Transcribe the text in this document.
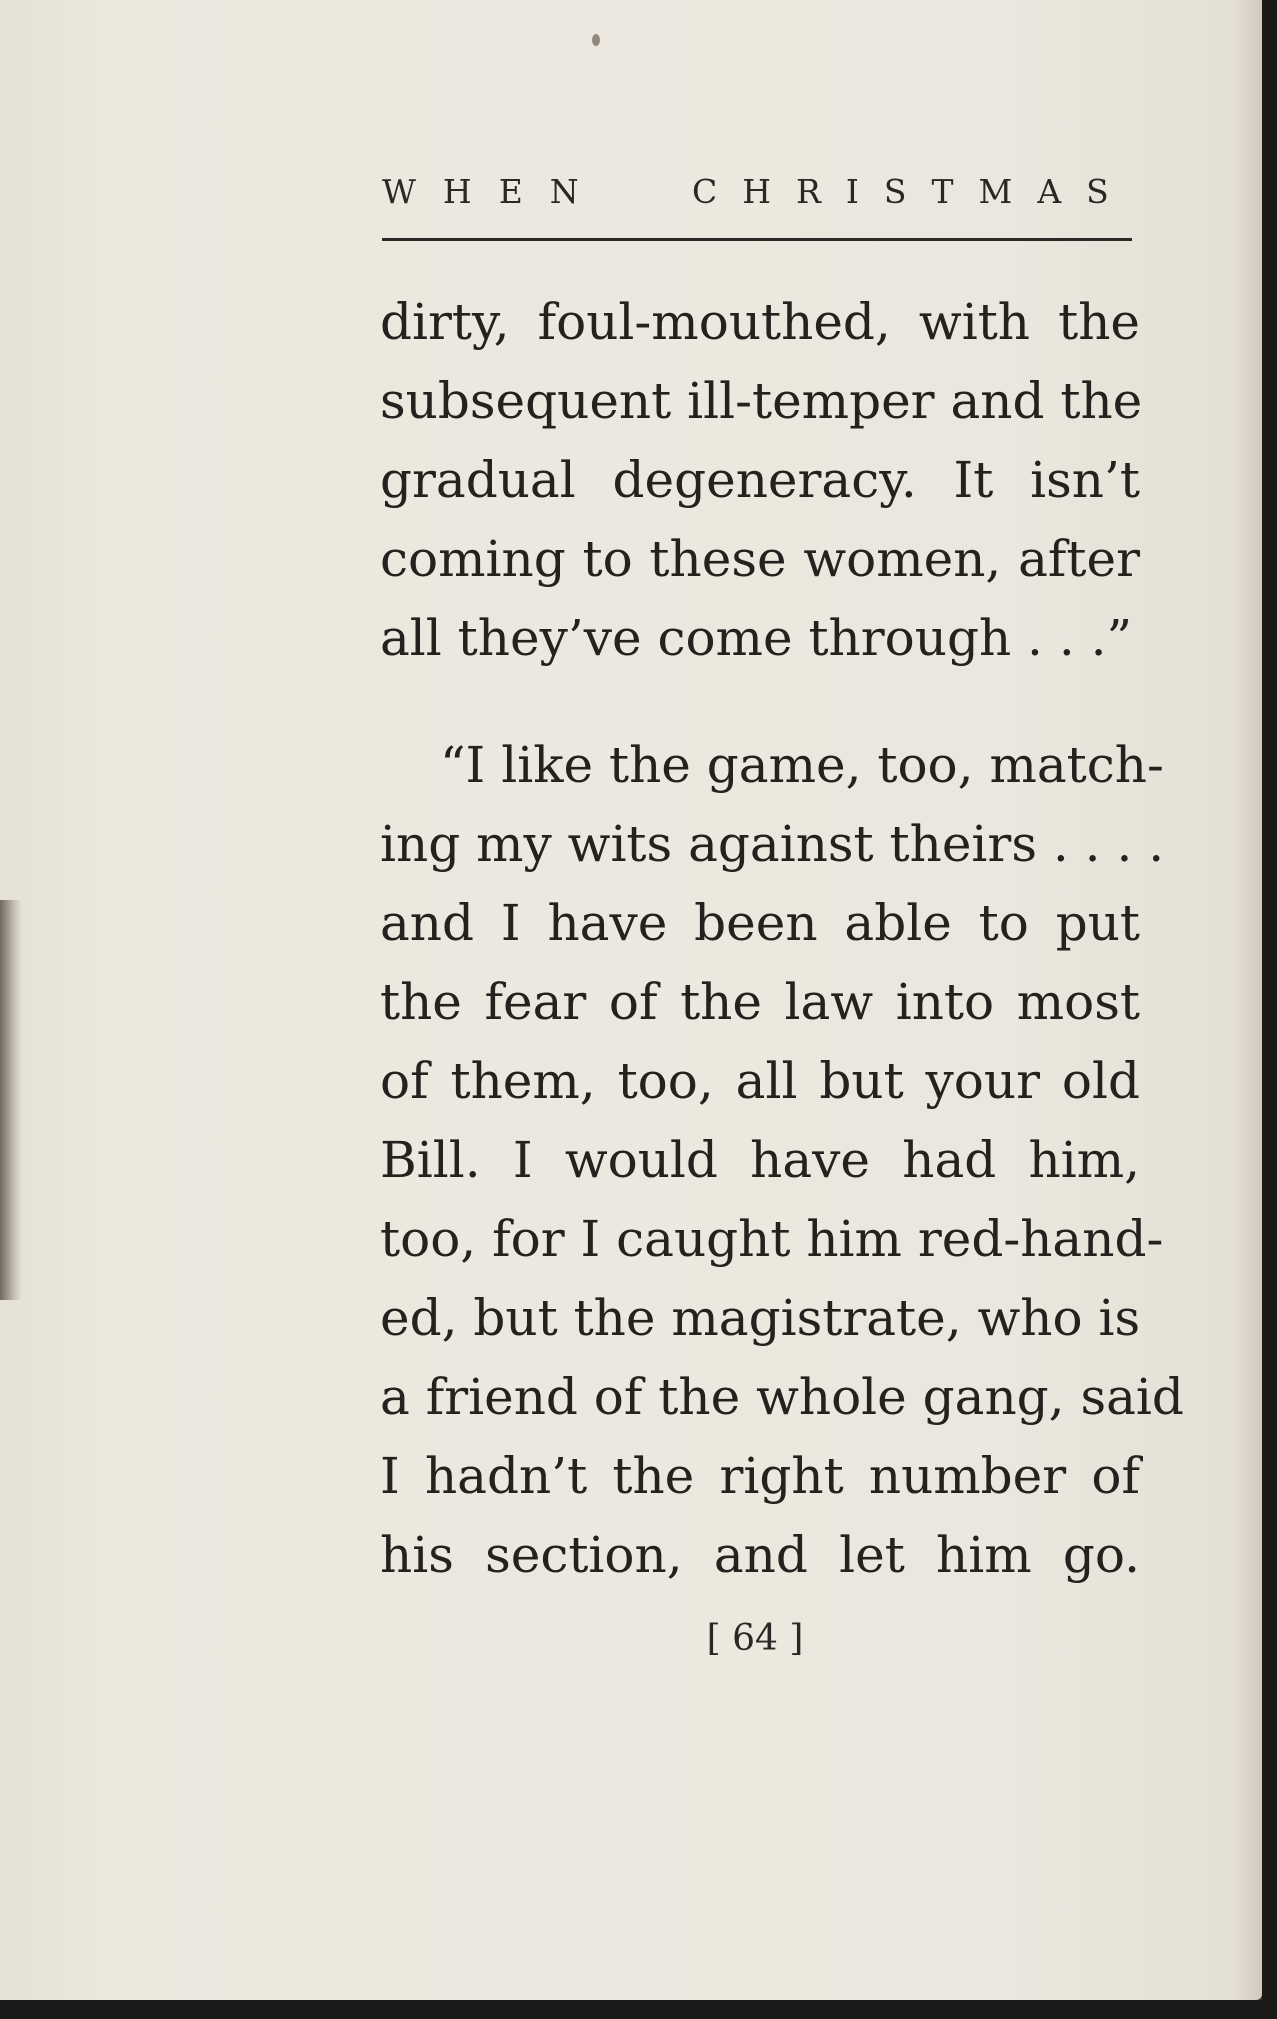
WHEN	CHRISTMAS
dirty, foul-mouthed, with the
subsequent ill-temper and the
gradual degeneracy. It isn’t
coming to these women, after
all they’ve come through . . .”
“I like the game, too, match-
ing my wits against theirs . . . .
and I have been able to put
the fear of the law into most
of them, too, all but your old
Bill. I would have had him,
too, for I caught him red-hand-
ed, but the magistrate, who is
a friend of the whole gang, said
I hadn’t the right number of
his section, and let him go.
[ 64 ]
